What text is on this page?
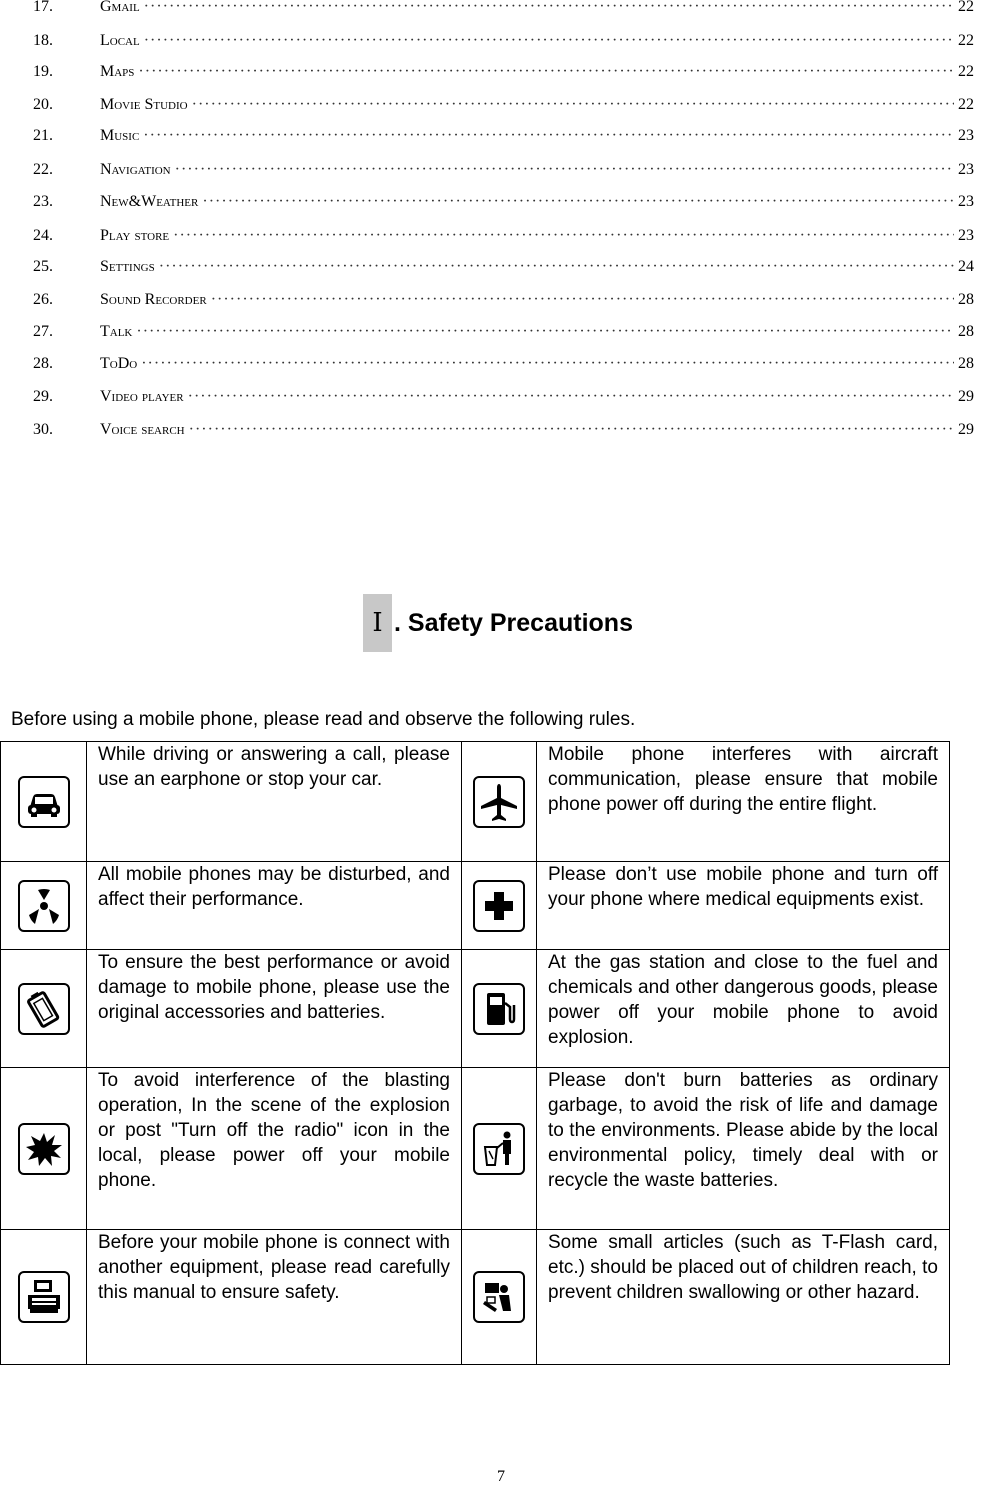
17.	Gmail ·····	22
18.	Local ·····	22
19.	Maps ·····	22
20.	Movie Studio ·····	22
21.	Music ·····	23
22.	Navigation ·····	23
23.	New&Weather ·····	23
24.	Play store ·····	23
25.	Settings ·····	24
26.	Sound Recorder ·····	28
27.	Talk ·····	28
28.	ToDo ·····	28
29.	Video player ·····	29
30.	Voice search ·····	29
Ⅰ . Safety Precautions
Before using a mobile phone, please read and observe the following rules.

While driving or answering a call, please use an earphone or stop your car.		Mobile phone interferes with aircraft communication, please ensure that mobile phone power off during the entire flight.

All mobile phones may be disturbed, and affect their performance.		Please don’t use mobile phone and turn off your phone where medical equipments exist.

To ensure the best performance or avoid damage to mobile phone, please use the original accessories and batteries.		At the gas station and close to the fuel and chemicals and other dangerous goods, please power off your mobile phone to avoid explosion.

To avoid interference of the blasting operation, In the scene of the explosion or post "Turn off the radio" icon in the local, please power off your mobile phone.		Please don't burn batteries as ordinary garbage, to avoid the risk of life and damage to the environments. Please abide by the local environmental policy, timely deal with or recycle the waste batteries.

Before your mobile phone is connect with another equipment, please read carefully this manual to ensure safety.		Some small articles (such as T-Flash card, etc.) should be placed out of children reach, to prevent children swallowing or other hazard.

7
